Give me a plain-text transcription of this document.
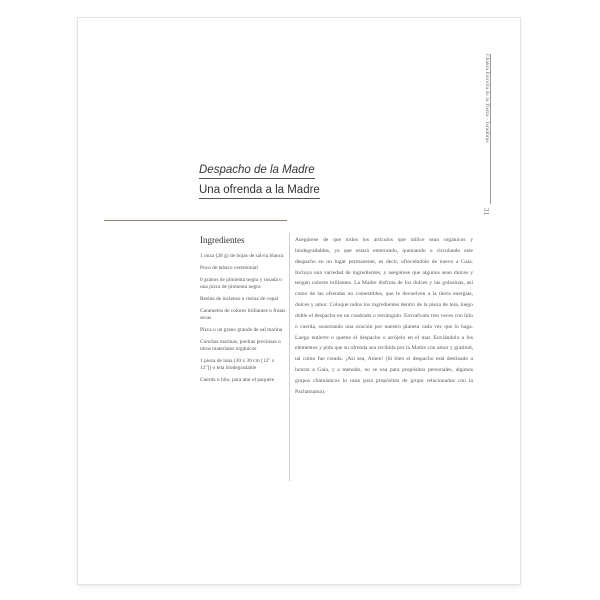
Despacho de la Madre
Una ofrenda a la Madre
Ingredientes
1 onza (28 g) de hojas de salvia blanca
Poco de tabaco ceremonial
6 granos de pimienta negra y rosada o una pizca de pimienta negra
Resina de incienso o resina de copal
Caramelos de colores brillantes o frutas secas
Pizca o un grano grande de sal marina
Conchas marinas, piedras preciosas u otros materiales orgánicos
1 pieza de lona (30 x 30 cm [12" x 12"]) o tela biodegradable
Cuerda o hilo, para atar el paquete

Asegúrese de que todos los artículos que utilice sean orgánicos y biodegradables, ya que estará enterrando, quemando o circulando este despacho en un lugar permanente, es decir, ofreciéndolo de nuevo a Gaia. Incluya una variedad de ingredientes, y asegúrese que algunos sean dulces y tengan colores brillantes. La Madre disfruta de los dulces y las golosinas, así como de las ofrendas no comestibles, que le devuelven a la tierra energías, dulces y amor. Coloque todos los ingredientes dentro de la pieza de tela, luego doble el despacho en un cuadrado o rectángulo. Envuélvalo tres veces con hilo o cuerda, susurrando una oración por nuestro planeta cada vez que lo haga. Luego entierre o queme el despacho o arrójelo en el mar. Enviándolo a los elementos y pida que su ofrenda sea recibida por la Madre con amor y gratitud, tal como fue creada. ¡Así sea, Amen! (Si bien el despacho está destinado a honrar a Gaia, y a menudo, no se usa para propósitos personales, algunos grupos chamánicos lo usan para propósitos de grupo relacionados con la Pachamama).

Chakra Estrella de la Tierra · Ieraübras
31
